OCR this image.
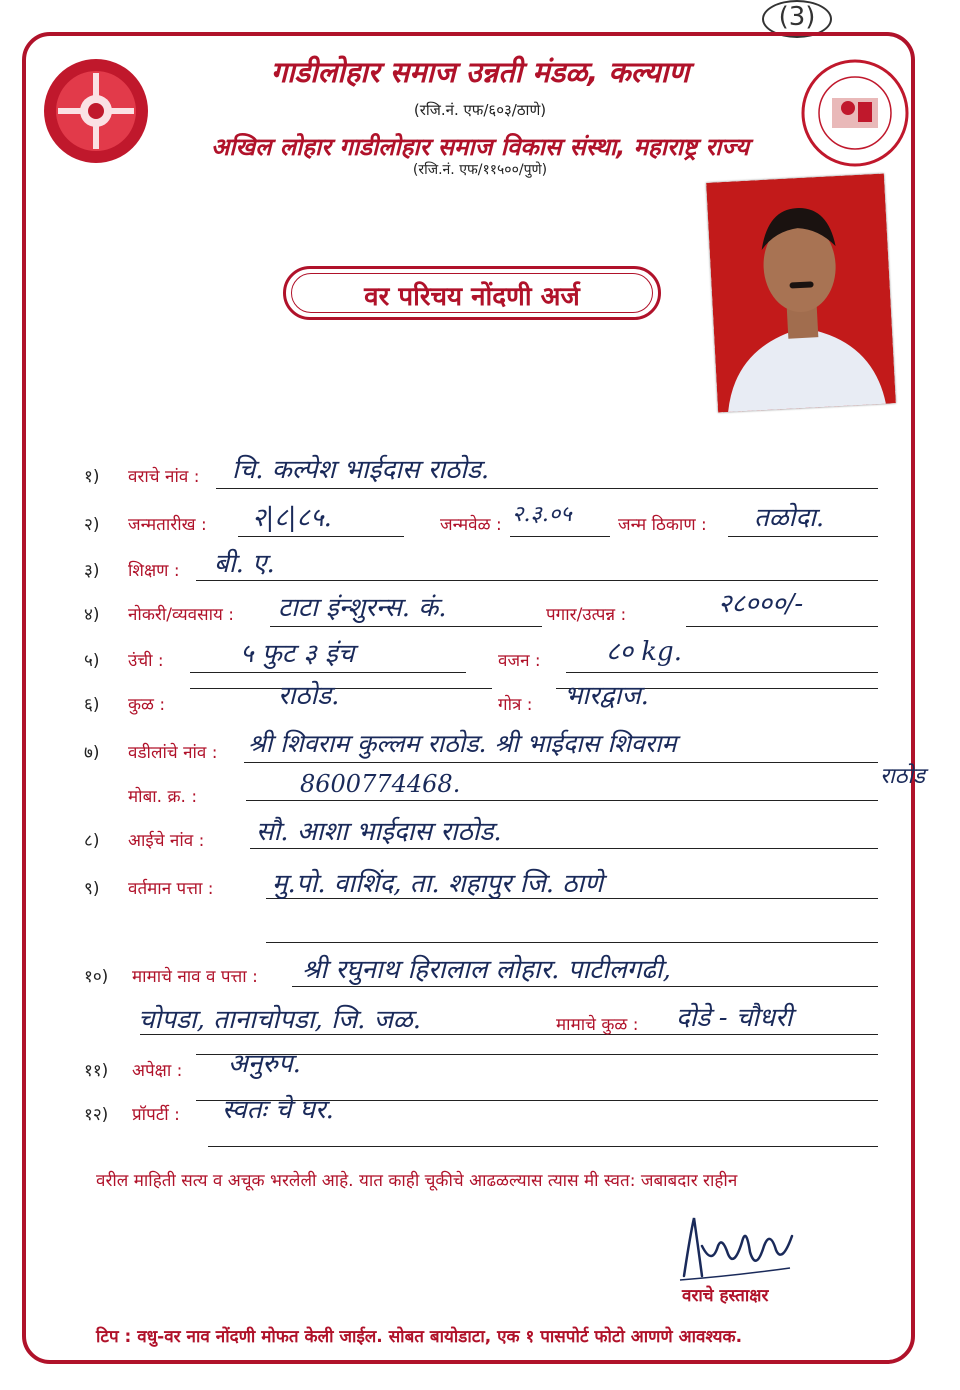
(3)
गाडीलोहार समाज उन्नती मंडळ, कल्याण
(रजि.नं. एफ/६०३/ठाणे)
अखिल लोहार गाडीलोहार समाज विकास संस्था, महाराष्ट्र राज्य
(रजि.नं. एफ/११५००/पुणे)
वर परिचय नोंदणी अर्ज
१) वराचे नांव : चि. कल्पेश भाईदास राठोड.
२) जन्मतारीख : २|८|८५.	जन्मवेळ : २.३.०५	जन्म ठिकाण : तळोदा.
३) शिक्षण : बी. ए.
४) नोकरी/व्यवसाय : टाटा इंन्शुरन्स. कं.	पगार/उत्पन्न :	२८०००/-
५) उंची :	५ फुट ३ इंच	वजन :	८० kg.
६) कुळ :	राठोड.	गोत्र : भारद्वाज.
७) वडीलांचे नांव : श्री शिवराम कुल्लम राठोड. श्री भाईदास शिवराम
राठोड
मोबा. क्र. :	8600774468.
८) आईचे नांव : सौ. आशा भाईदास राठोड.
९) वर्तमान पत्ता : मु.पो. वाशिंद, ता. शहापुर जि. ठाणे
१०) मामाचे नाव व पत्ता : श्री रघुनाथ हिरालाल लोहार. पाटीलगढी,
चोपडा, तानाचोपडा, जि. जळ.	मामाचे कुळ : दोडे - चौधरी
११) अपेक्षा : अनुरुप.
१२) प्रॉपर्टी : स्वतः चे घर.
वरील माहिती सत्य व अचूक भरलेली आहे. यात काही चूकीचे आढळल्यास त्यास मी स्वत: जबाबदार राहीन
वराचे हस्ताक्षर
टिप : वधु-वर नाव नोंदणी मोफत केली जाईल. सोबत बायोडाटा, एक १ पासपोर्ट फोटो आणणे आवश्यक.
